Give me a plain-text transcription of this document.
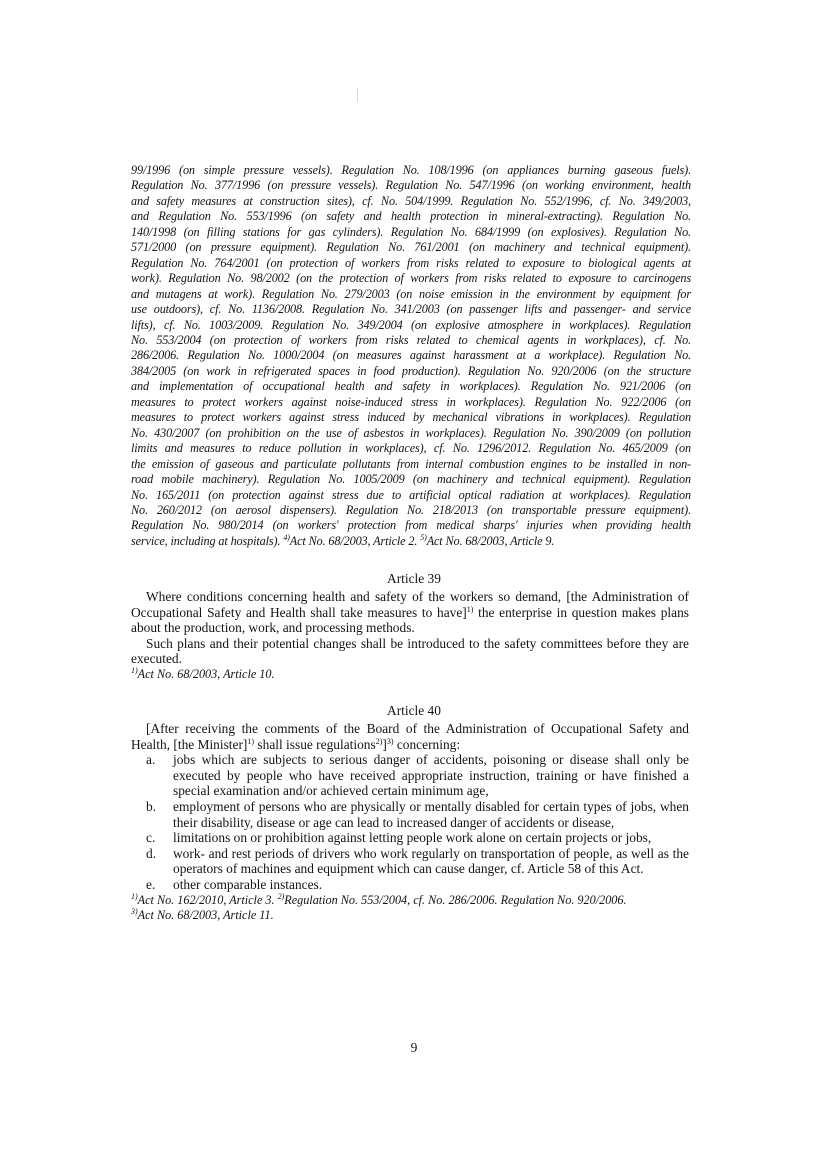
99/1996 (on simple pressure vessels). Regulation No. 108/1996 (on appliances burning gaseous fuels).
Regulation No. 377/1996 (on pressure vessels). Regulation No. 547/1996 (on working environment, health
and safety measures at construction sites), cf. No. 504/1999. Regulation No. 552/1996, cf. No. 349/2003,
and Regulation No. 553/1996 (on safety and health protection in mineral-extracting). Regulation No.
140/1998 (on filling stations for gas cylinders). Regulation No. 684/1999 (on explosives). Regulation No.
571/2000 (on pressure equipment). Regulation No. 761/2001 (on machinery and technical equipment).
Regulation No. 764/2001 (on protection of workers from risks related to exposure to biological agents at
work). Regulation No. 98/2002 (on the protection of workers from risks related to exposure to carcinogens
and mutagens at work). Regulation No. 279/2003 (on noise emission in the environment by equipment for
use outdoors), cf. No. 1136/2008. Regulation No. 341/2003 (on passenger lifts and passenger- and service
lifts), cf. No. 1003/2009. Regulation No. 349/2004 (on explosive atmosphere in workplaces). Regulation
No. 553/2004 (on protection of workers from risks related to chemical agents in workplaces), cf. No.
286/2006. Regulation No. 1000/2004 (on measures against harassment at a workplace). Regulation No.
384/2005 (on work in refrigerated spaces in food production). Regulation No. 920/2006 (on the structure
and implementation of occupational health and safety in workplaces). Regulation No. 921/2006 (on
measures to protect workers against noise-induced stress in workplaces). Regulation No. 922/2006 (on
measures to protect workers against stress induced by mechanical vibrations in workplaces). Regulation
No. 430/2007 (on prohibition on the use of asbestos in workplaces). Regulation No. 390/2009 (on pollution
limits and measures to reduce pollution in workplaces), cf. No. 1296/2012. Regulation No. 465/2009 (on
the emission of gaseous and particulate pollutants from internal combustion engines to be installed in non-
road mobile machinery). Regulation No. 1005/2009 (on machinery and technical equipment). Regulation
No. 165/2011 (on protection against stress due to artificial optical radiation at workplaces). Regulation
No. 260/2012 (on aerosol dispensers). Regulation No. 218/2013 (on transportable pressure equipment).
Regulation No. 980/2014 (on workers' protection from medical sharps' injuries when providing health
service, including at hospitals). $^{4)}$Act No. 68/2003, Article 2. $^{5)}$Act No. 68/2003, Article 9.
Article 39

Where conditions concerning health and safety of the workers so demand, [the Administration of Occupational Safety and Health shall take measures to have]$^{1)}$ the enterprise in question makes plans about the production, work, and processing methods.

Such plans and their potential changes shall be introduced to the safety committees before they are executed.

$^{1)}$Act No. 68/2003, Article 10.
Article 40

[After receiving the comments of the Board of the Administration of Occupational Safety and Health, [the Minister]$^{1)}$ shall issue regulations$^{2)}$]$^{3)}$ concerning:

a. jobs which are subjects to serious danger of accidents, poisoning or disease shall only be executed by people who have received appropriate instruction, training or have finished a special examination and/or achieved certain minimum age,
b. employment of persons who are physically or mentally disabled for certain types of jobs, when their disability, disease or age can lead to increased danger of accidents or disease,
c. limitations on or prohibition against letting people work alone on certain projects or jobs,
d. work- and rest periods of drivers who work regularly on transportation of people, as well as the operators of machines and equipment which can cause danger, cf. Article 58 of this Act.
e. other comparable instances.
$^{1)}$Act No. 162/2010, Article 3. $^{2)}$Regulation No. 553/2004, cf. No. 286/2006. Regulation No. 920/2006.
$^{3)}$Act No. 68/2003, Article 11.
9
